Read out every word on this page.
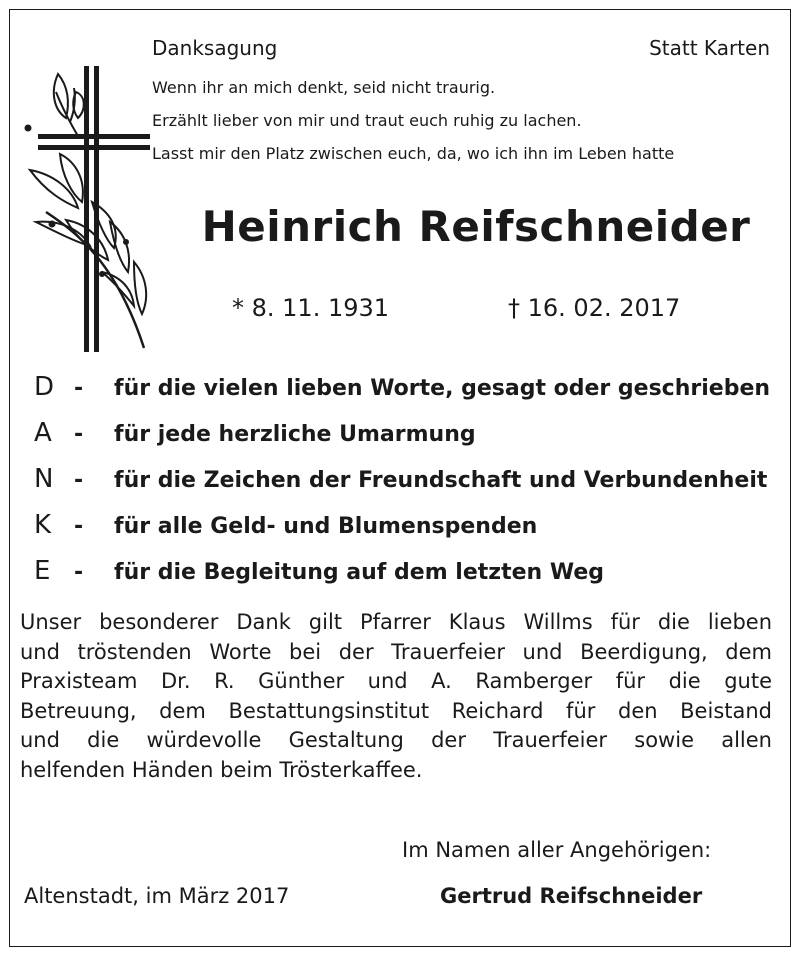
Danksagung	Statt Karten
Wenn ihr an mich denkt, seid nicht traurig.
Erzählt lieber von mir und traut euch ruhig zu lachen.
Lasst mir den Platz zwischen euch, da, wo ich ihn im Leben hatte
Heinrich Reifschneider
* 8. 11. 1931	† 16. 02. 2017
D -	für die vielen lieben Worte, gesagt oder geschrieben
A	-	für jede herzliche Umarmung
N -	für die Zeichen der Freundschaft und Verbundenheit
K	-	für alle Geld- und Blumenspenden
E	-	für die Begleitung auf dem letzten Weg
Unser besonderer Dank gilt Pfarrer Klaus Willms für die lieben
und tröstenden Worte bei der Trauerfeier und Beerdigung, dem
Praxisteam Dr. R. Günther und A. Ramberger für die gute
Betreuung, dem Bestattungsinstitut Reichard für den Beistand
und die würdevolle Gestaltung der Trauerfeier sowie allen
helfenden Händen beim Trösterkaffee.
Im Namen aller Angehörigen:
Altenstadt, im März 2017	Gertrud Reifschneider
